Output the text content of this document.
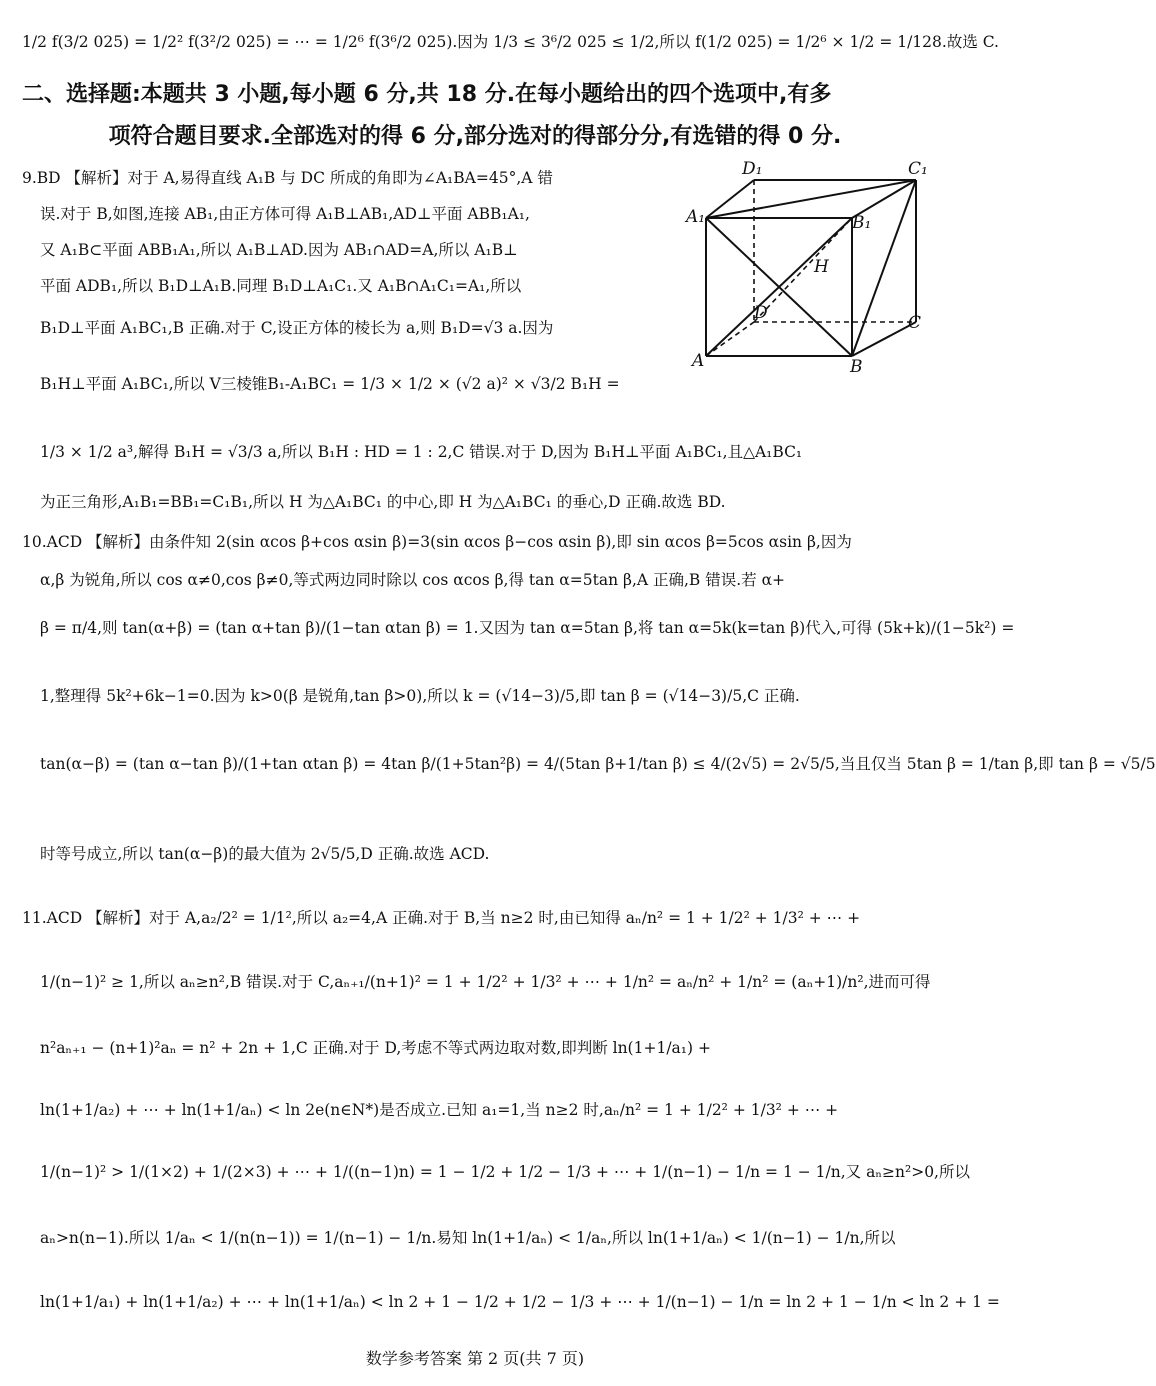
1/2 f(3/2 025) = 1/2² f(3²/2 025) = ⋯ = 1/2⁶ f(3⁶/2 025).因为 1/3 ≤ 3⁶/2 025 ≤ 1/2,所以 f(1/2 025) = 1/2⁶ × 1/2 = 1/128.故选 C.
二、选择题:本题共 3 小题,每小题 6 分,共 18 分.在每小题给出的四个选项中,有多
项符合题目要求.全部选对的得 6 分,部分选对的得部分分,有选错的得 0 分.
9.BD 【解析】对于 A,易得直线 A₁B 与 DC 所成的角即为∠A₁BA=45°,A 错
误.对于 B,如图,连接 AB₁,由正方体可得 A₁B⊥AB₁,AD⊥平面 ABB₁A₁,
又 A₁B⊂平面 ABB₁A₁,所以 A₁B⊥AD.因为 AB₁∩AD=A,所以 A₁B⊥
平面 ADB₁,所以 B₁D⊥A₁B.同理 B₁D⊥A₁C₁.又 A₁B∩A₁C₁=A₁,所以
B₁D⊥平面 A₁BC₁,B 正确.对于 C,设正方体的棱长为 a,则 B₁D=√3 a.因为
B₁H⊥平面 A₁BC₁,所以 V三棱锥B₁-A₁BC₁ = 1/3 × 1/2 × (√2 a)² × √3/2 B₁H =
1/3 × 1/2 a³,解得 B₁H = √3/3 a,所以 B₁H : HD = 1 : 2,C 错误.对于 D,因为 B₁H⊥平面 A₁BC₁,且△A₁BC₁
为正三角形,A₁B₁=BB₁=C₁B₁,所以 H 为△A₁BC₁ 的中心,即 H 为△A₁BC₁ 的垂心,D 正确.故选 BD.
D₁	C₁
A₁	B₁
H
D	C
A	B
10.ACD 【解析】由条件知 2(sin αcos β+cos αsin β)=3(sin αcos β−cos αsin β),即 sin αcos β=5cos αsin β,因为
α,β 为锐角,所以 cos α≠0,cos β≠0,等式两边同时除以 cos αcos β,得 tan α=5tan β,A 正确,B 错误.若 α+
β = π/4,则 tan(α+β) = (tan α+tan β)/(1−tan αtan β) = 1.又因为 tan α=5tan β,将 tan α=5k(k=tan β)代入,可得 (5k+k)/(1−5k²) =
1,整理得 5k²+6k−1=0.因为 k>0(β 是锐角,tan β>0),所以 k = (√14−3)/5,即 tan β = (√14−3)/5,C 正确.
tan(α−β) = (tan α−tan β)/(1+tan αtan β) = 4tan β/(1+5tan²β) = 4/(5tan β+1/tan β) ≤ 4/(2√5) = 2√5/5,当且仅当 5tan β = 1/tan β,即 tan β = √5/5
时等号成立,所以 tan(α−β)的最大值为 2√5/5,D 正确.故选 ACD.
11.ACD 【解析】对于 A,a₂/2² = 1/1²,所以 a₂=4,A 正确.对于 B,当 n≥2 时,由已知得 aₙ/n² = 1 + 1/2² + 1/3² + ⋯ +
1/(n−1)² ≥ 1,所以 aₙ≥n²,B 错误.对于 C,aₙ₊₁/(n+1)² = 1 + 1/2² + 1/3² + ⋯ + 1/n² = aₙ/n² + 1/n² = (aₙ+1)/n²,进而可得
n²aₙ₊₁ − (n+1)²aₙ = n² + 2n + 1,C 正确.对于 D,考虑不等式两边取对数,即判断 ln(1+1/a₁) +
ln(1+1/a₂) + ⋯ + ln(1+1/aₙ) < ln 2e(n∈N*)是否成立.已知 a₁=1,当 n≥2 时,aₙ/n² = 1 + 1/2² + 1/3² + ⋯ +
1/(n−1)² > 1/(1×2) + 1/(2×3) + ⋯ + 1/((n−1)n) = 1 − 1/2 + 1/2 − 1/3 + ⋯ + 1/(n−1) − 1/n = 1 − 1/n,又 aₙ≥n²>0,所以
aₙ>n(n−1).所以 1/aₙ < 1/(n(n−1)) = 1/(n−1) − 1/n.易知 ln(1+1/aₙ) < 1/aₙ,所以 ln(1+1/aₙ) < 1/(n−1) − 1/n,所以
ln(1+1/a₁) + ln(1+1/a₂) + ⋯ + ln(1+1/aₙ) < ln 2 + 1 − 1/2 + 1/2 − 1/3 + ⋯ + 1/(n−1) − 1/n = ln 2 + 1 − 1/n < ln 2 + 1 =
数学参考答案 第 2 页(共 7 页)
